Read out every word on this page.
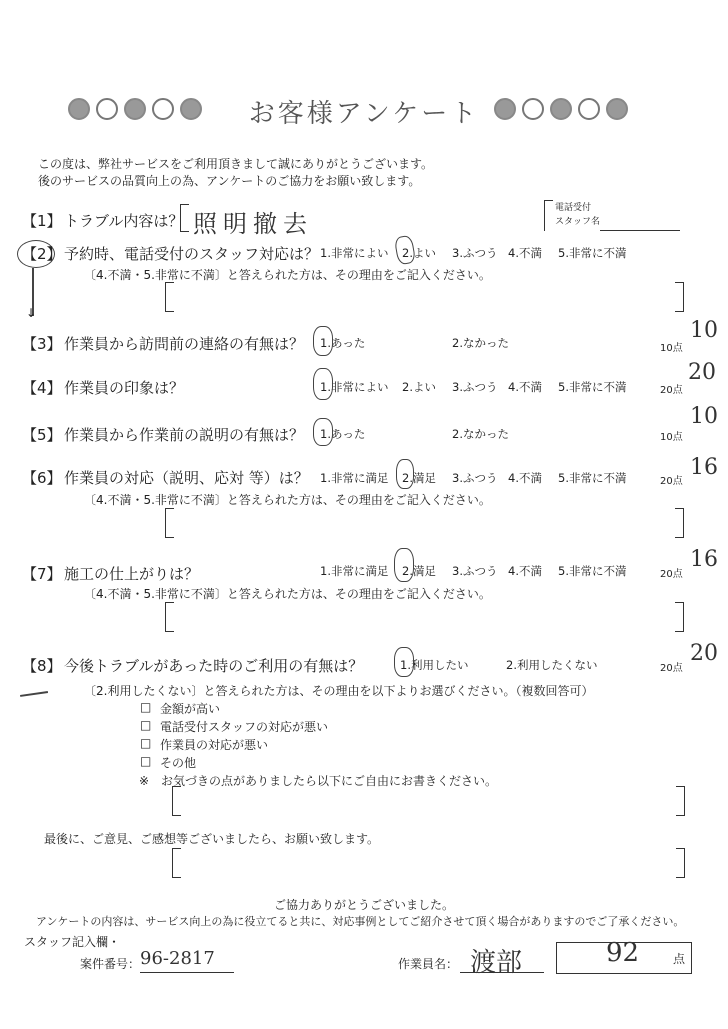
お客様アンケート
この度は、弊社サービスをご利用頂きまして誠にありがとうございます。
後のサービスの品質向上の為、アンケートのご協力をお願い致します。
【1】 トラブル内容は？ 照明撤去
電話受付
スタッフ名
【2】 予約時、電話受付のスタッフ対応は？ 1.非常によい 2.よい 3.ふつう 4.不満 5.非常に不満
〔4.不満・5.非常に不満〕と答えられた方は、その理由をご記入ください。
↓
【3】 作業員から訪問前の連絡の有無は？ 1.あった	2.なかった	10点
10
【4】 作業員の印象は？	1.非常によい 2.よい 3.ふつう 4.不満 5.非常に不満	20点
20
【5】 作業員から作業前の説明の有無は？ 1.あった	2.なかった	10点
10
【6】 作業員の対応（説明、応対 等）は？ 1.非常に満足 2.満足 3.ふつう 4.不満 5.非常に不満	20点
16
〔4.不満・5.非常に不満〕と答えられた方は、その理由をご記入ください。
【7】 施工の仕上がりは？	1.非常に満足 2.満足 3.ふつう 4.不満 5.非常に不満	20点
16
〔4.不満・5.非常に不満〕と答えられた方は、その理由をご記入ください。
【8】 今後トラブルがあった時のご利用の有無は？	1.利用したい	2.利用したくない	20点
20
〔2.利用したくない〕と答えられた方は、その理由を以下よりお選びください。（複数回答可）
□ 金額が高い
□ 電話受付スタッフの対応が悪い
□ 作業員の対応が悪い
□ その他
※　お気づきの点がありましたら以下にご自由にお書きください。
最後に、ご意見、ご感想等ございましたら、お願い致します。
ご協力ありがとうございました。
アンケートの内容は、サービス向上の為に役立てると共に、対応事例としてご紹介させて頂く場合がありますのでご了承ください。
スタッフ記入欄・
案件番号： 96-2817	作業員名： 渡部	92	点
